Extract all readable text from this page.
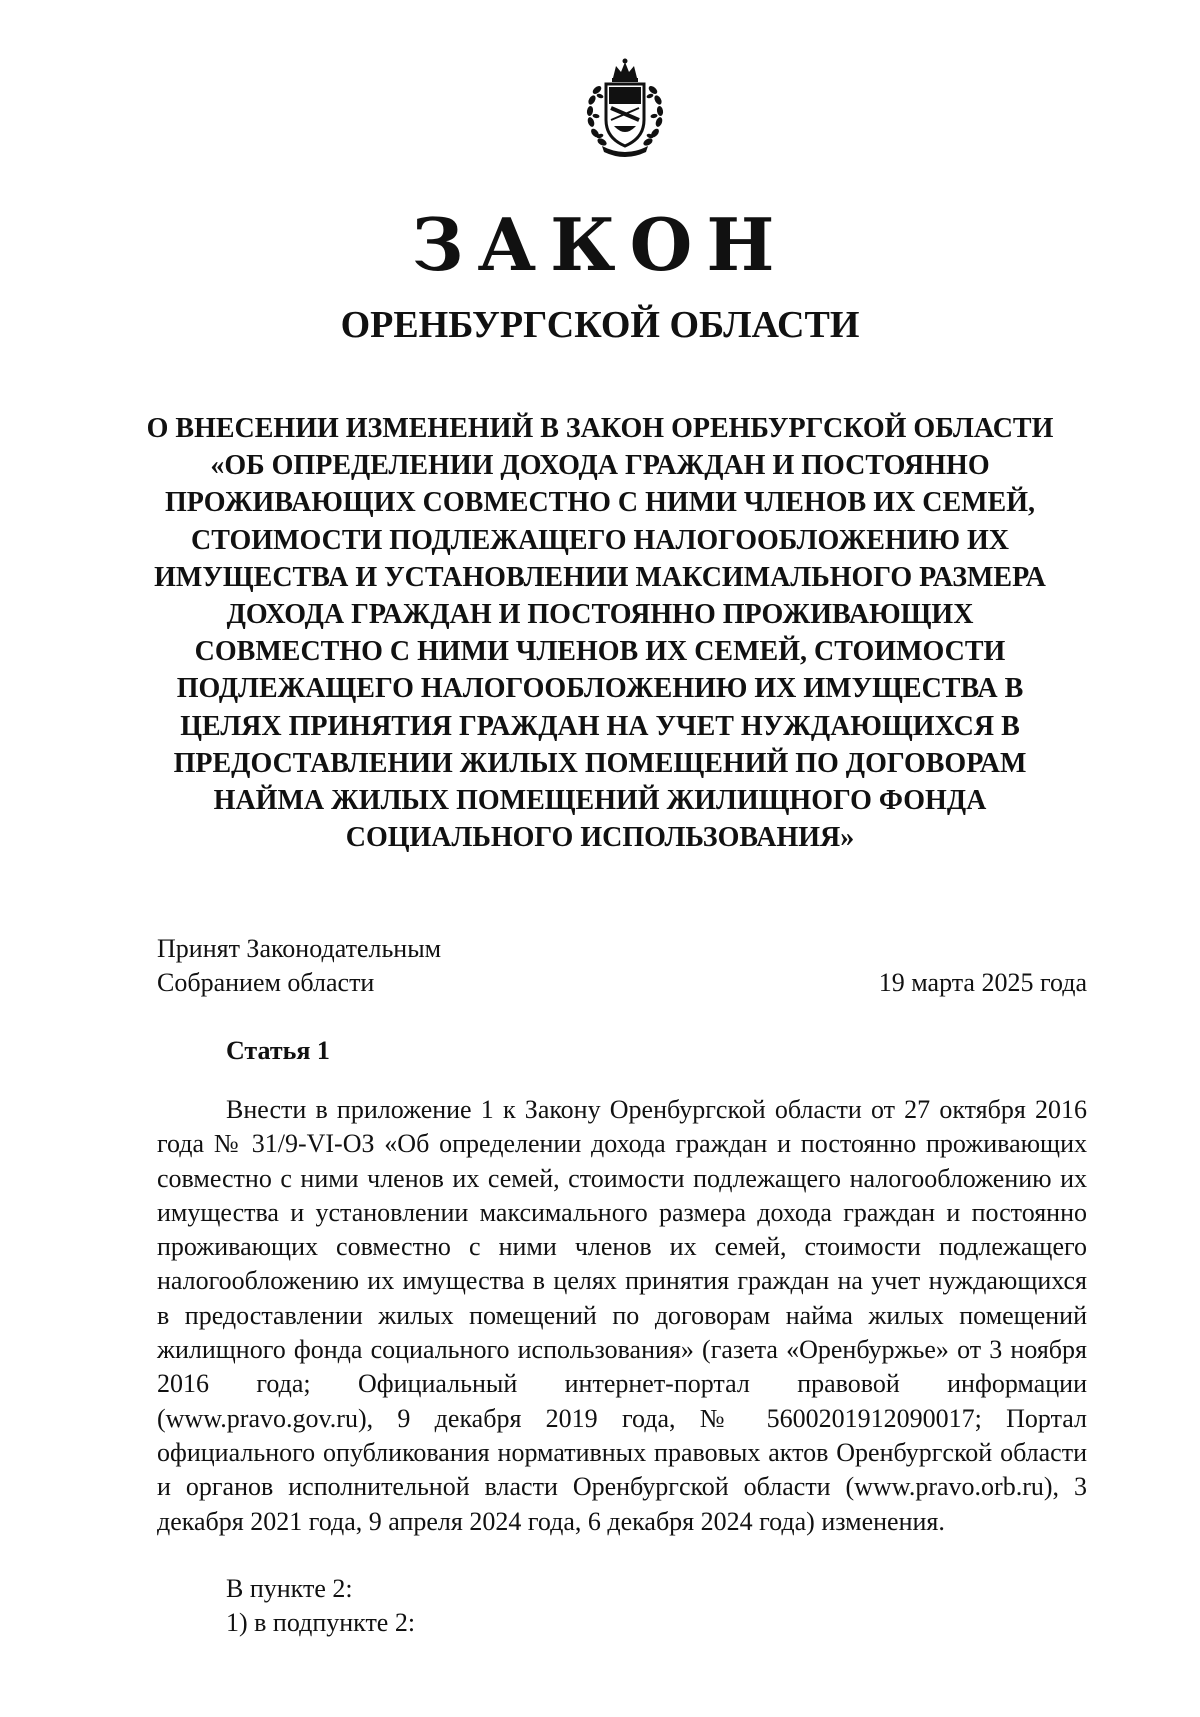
ЗАКОН
ОРЕНБУРГСКОЙ ОБЛАСТИ

О ВНЕСЕНИИ ИЗМЕНЕНИЙ В ЗАКОН ОРЕНБУРГСКОЙ ОБЛАСТИ «ОБ ОПРЕДЕЛЕНИИ ДОХОДА ГРАЖДАН И ПОСТОЯННО ПРОЖИВАЮЩИХ СОВМЕСТНО С НИМИ ЧЛЕНОВ ИХ СЕМЕЙ, СТОИМОСТИ ПОДЛЕЖАЩЕГО НАЛОГООБЛОЖЕНИЮ ИХ ИМУЩЕСТВА И УСТАНОВЛЕНИИ МАКСИМАЛЬНОГО РАЗМЕРА ДОХОДА ГРАЖДАН И ПОСТОЯННО ПРОЖИВАЮЩИХ СОВМЕСТНО С НИМИ ЧЛЕНОВ ИХ СЕМЕЙ, СТОИМОСТИ ПОДЛЕЖАЩЕГО НАЛОГООБЛОЖЕНИЮ ИХ ИМУЩЕСТВА В ЦЕЛЯХ ПРИНЯТИЯ ГРАЖДАН НА УЧЕТ НУЖДАЮЩИХСЯ В ПРЕДОСТАВЛЕНИИ ЖИЛЫХ ПОМЕЩЕНИЙ ПО ДОГОВОРАМ НАЙМА ЖИЛЫХ ПОМЕЩЕНИЙ ЖИЛИЩНОГО ФОНДА СОЦИАЛЬНОГО ИСПОЛЬЗОВАНИЯ»

Принят Законодательным
Собранием области	19 марта 2025 года
Статья 1

Внести в приложение 1 к Закону Оренбургской области от 27 октября 2016 года № 31/9-VI-ОЗ «Об определении дохода граждан и постоянно проживающих совместно с ними членов их семей, стоимости подлежащего налогообложению их имущества и установлении максимального размера дохода граждан и постоянно проживающих совместно с ними членов их семей, стоимости подлежащего налогообложению их имущества в целях принятия граждан на учет нуждающихся в предоставлении жилых помещений по договорам найма жилых помещений жилищного фонда социального использования» (газета «Оренбуржье» от 3 ноября 2016 года; Официальный интернет-портал правовой информации (www.pravo.gov.ru), 9 декабря 2019 года, № 5600201912090017; Портал официального опубликования нормативных правовых актов Оренбургской области и органов исполнительной власти Оренбургской области (www.pravo.orb.ru), 3 декабря 2021 года, 9 апреля 2024 года, 6 декабря 2024 года) изменения.

В пункте 2:

1) в подпункте 2:
